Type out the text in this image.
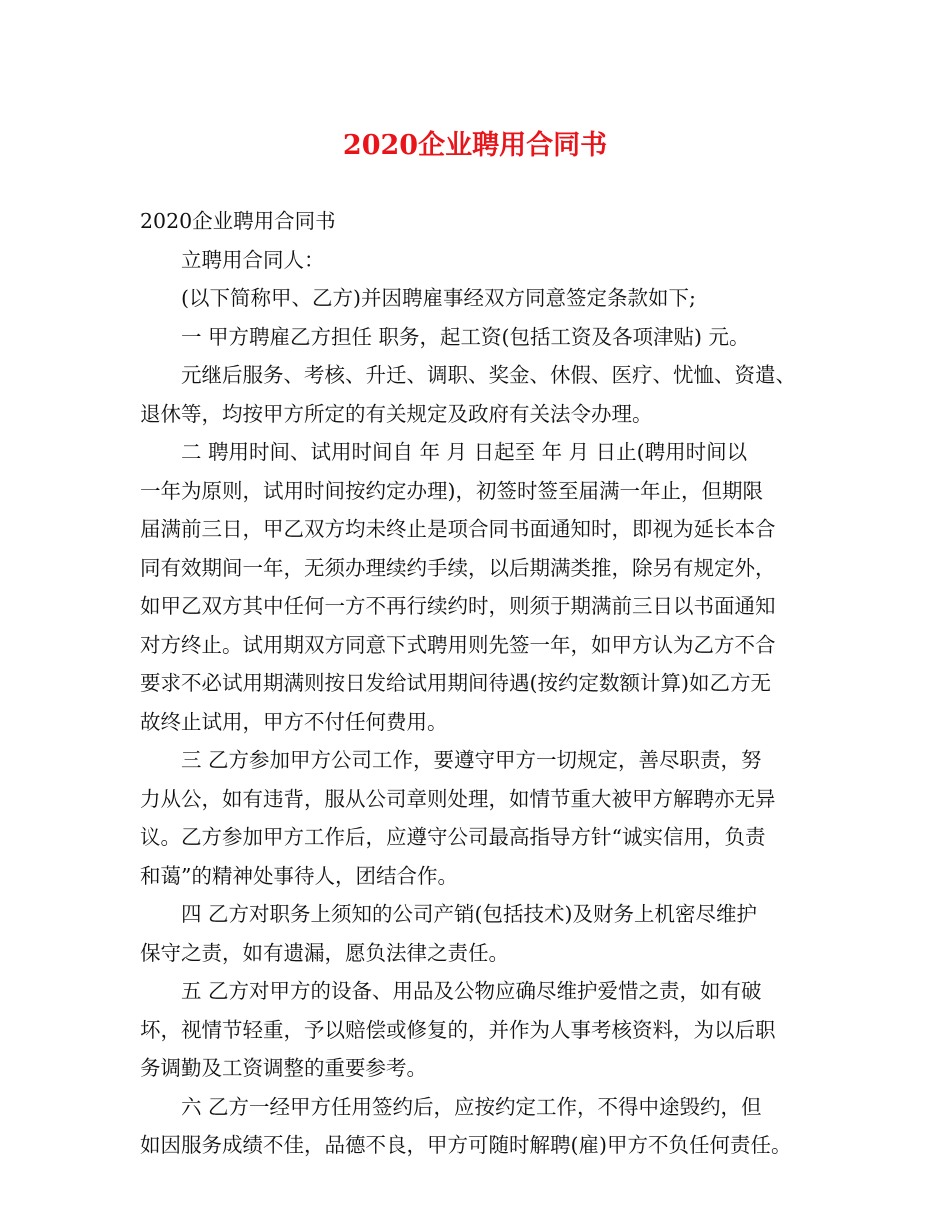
2020企业聘用合同书
2020企业聘用合同书
立聘用合同人：
(以下简称甲、乙方)并因聘雇事经双方同意签定条款如下;
一 甲方聘雇乙方担任 职务，起工资(包括工资及各项津贴) 元。
元继后服务、考核、升迁、调职、奖金、休假、医疗、忧恤、资遣、
退休等，均按甲方所定的有关规定及政府有关法令办理。
二 聘用时间、试用时间自 年 月 日起至 年 月 日止(聘用时间以
一年为原则，试用时间按约定办理)，初签时签至届满一年止，但期限
届满前三日，甲乙双方均未终止是项合同书面通知时，即视为延长本合
同有效期间一年，无须办理续约手续，以后期满类推，除另有规定外，
如甲乙双方其中任何一方不再行续约时，则须于期满前三日以书面通知
对方终止。试用期双方同意下式聘用则先签一年，如甲方认为乙方不合
要求不必试用期满则按日发给试用期间待遇(按约定数额计算)如乙方无
故终止试用，甲方不付任何费用。
三 乙方参加甲方公司工作，要遵守甲方一切规定，善尽职责，努
力从公，如有违背，服从公司章则处理，如情节重大被甲方解聘亦无异
议。乙方参加甲方工作后，应遵守公司最高指导方针“诚实信用，负责
和蔼”的精神处事待人，团结合作。
四 乙方对职务上须知的公司产销(包括技术)及财务上机密尽维护
保守之责，如有遗漏，愿负法律之责任。
五 乙方对甲方的设备、用品及公物应确尽维护爱惜之责，如有破
坏，视情节轻重，予以赔偿或修复的，并作为人事考核资料，为以后职
务调勤及工资调整的重要参考。
六 乙方一经甲方任用签约后，应按约定工作，不得中途毁约，但
如因服务成绩不佳，品德不良，甲方可随时解聘(雇)甲方不负任何责任。
